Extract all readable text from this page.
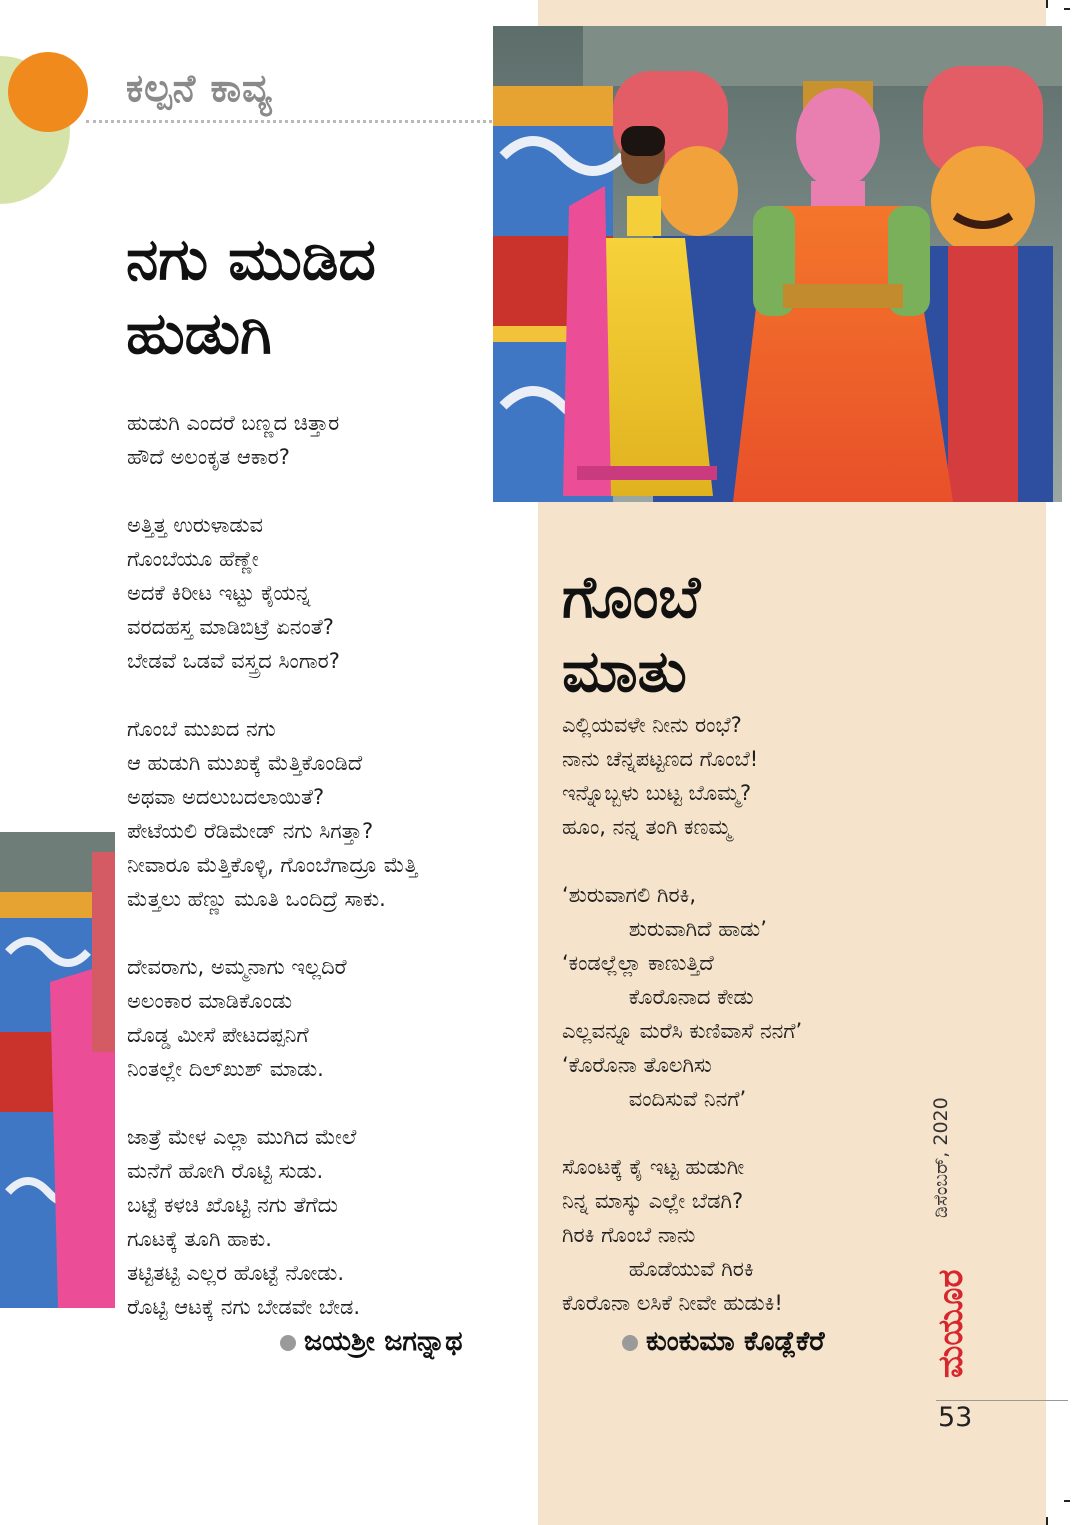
ಕಲ್ಪನೆ ಕಾವ್ಯ
ನಗು ಮುಡಿದ
ಹುಡುಗಿ
ಹುಡುಗಿ ಎಂದರೆ ಬಣ್ಣದ ಚಿತ್ತಾರ
ಹೌದೆ ಅಲಂಕೃತ ಆಕಾರ?

ಅತ್ತಿತ್ತ ಉರುಳಾಡುವ
ಗೊಂಬೆಯೂ ಹೆಣ್ಣೇ
ಅದಕೆ ಕಿರೀಟ ಇಟ್ಟು ಕೈಯನ್ನ
ವರದಹಸ್ತ ಮಾಡಿಬಿಟ್ರೆ ಏನಂತೆ?
ಬೇಡವೆ ಒಡವೆ ವಸ್ತ್ರದ ಸಿಂಗಾರ?

ಗೊಂಬೆ ಮುಖದ ನಗು
ಆ ಹುಡುಗಿ ಮುಖಕ್ಕೆ ಮೆತ್ತಿಕೊಂಡಿದೆ
ಅಥವಾ ಅದಲುಬದಲಾಯಿತೆ?
ಪೇಟೆಯಲಿ ರೆಡಿಮೇಡ್ ನಗು ಸಿಗತ್ತಾ?
ನೀವಾರೂ ಮೆತ್ತಿಕೊಳ್ಳಿ, ಗೊಂಬೆಗಾದ್ರೂ ಮೆತ್ತಿ
ಮೆತ್ತಲು ಹೆಣ್ಣು ಮೂತಿ ಒಂದಿದ್ರೆ ಸಾಕು.

ದೇವರಾಗು, ಅಮ್ಮನಾಗು ಇಲ್ಲದಿರೆ
ಅಲಂಕಾರ ಮಾಡಿಕೊಂಡು
ದೊಡ್ಡ ಮೀಸೆ ಪೇಟದಪ್ಪನಿಗೆ
ನಿಂತಲ್ಲೇ ದಿಲ್‌ಖುಶ್ ಮಾಡು.

ಜಾತ್ರೆ ಮೇಳ ಎಲ್ಲಾ ಮುಗಿದ ಮೇಲೆ
ಮನೆಗೆ ಹೋಗಿ ರೊಟ್ಟಿ ಸುಡು.
ಬಟ್ಟೆ ಕಳಚಿ ಖೊಟ್ಟಿ ನಗು ತೆಗೆದು
ಗೂಟಕ್ಕೆ ತೂಗಿ ಹಾಕು.
ತಟ್ಟಿತಟ್ಟಿ ಎಲ್ಲರ ಹೊಟ್ಟೆ ನೋಡು.
ರೊಟ್ಟಿ ಆಟಕ್ಕೆ ನಗು ಬೇಡವೇ ಬೇಡ.
ಜಯಶ್ರೀ ಜಗನ್ನಾಥ
ಗೊಂಬೆ
ಮಾತು
ಎಲ್ಲಿಯವಳೇ ನೀನು ರಂಭೆ?
ನಾನು ಚೆನ್ನಪಟ್ಟಣದ ಗೊಂಬೆ!
ಇನ್ನೊಬ್ಬಳು ಬುಟ್ಟ ಬೊಮ್ಮ?
ಹೂಂ, ನನ್ನ ತಂಗಿ ಕಣಮ್ಮ

‘ಶುರುವಾಗಲಿ ಗಿರಕಿ,
ಶುರುವಾಗಿದೆ ಹಾಡು’
‘ಕಂಡಲ್ಲೆಲ್ಲಾ ಕಾಣುತ್ತಿದೆ
ಕೊರೊನಾದ ಕೇಡು
ಎಲ್ಲವನ್ನೂ ಮರೆಸಿ ಕುಣಿವಾಸೆ ನನಗೆ’
‘ಕೊರೊನಾ ತೊಲಗಿಸು
ವಂದಿಸುವೆ ನಿನಗೆ’

ಸೊಂಟಕ್ಕೆ ಕೈ ಇಟ್ಟ ಹುಡುಗೀ
ನಿನ್ನ ಮಾಸ್ಕು ಎಲ್ಲೇ ಬೆಡಗಿ?
ಗಿರಕಿ ಗೊಂಬೆ ನಾನು
ಹೊಡೆಯುವೆ ಗಿರಕಿ
ಕೊರೊನಾ ಲಸಿಕೆ ನೀವೇ ಹುಡುಕಿ!
ಕುಂಕುಮಾ ಕೊಡ್ಲೆಕೆರೆ
ಡಿಸೆಂಬರ್, 2020
ಮಯೂರ
53
